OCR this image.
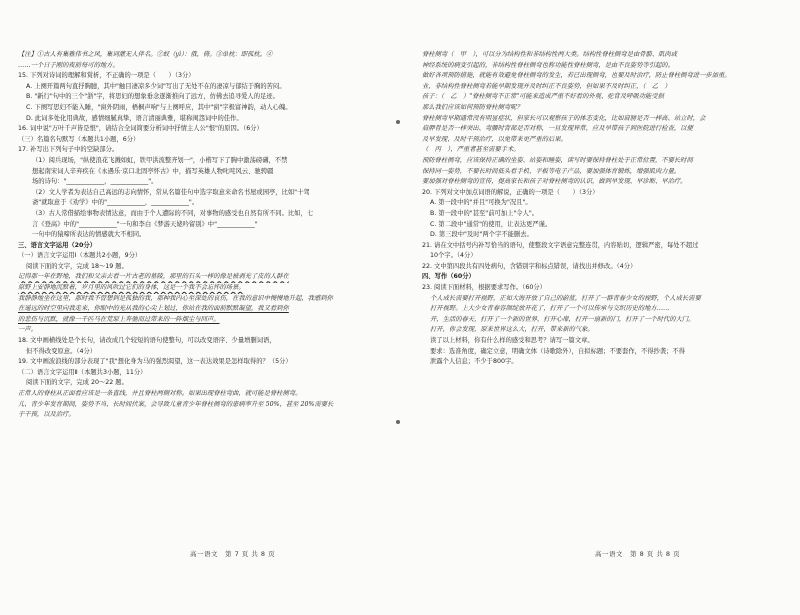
【注】①古人有集雅伟书之风，集词灌无人伴名。②蚁（yì）：俄，倚。③单枕：即孤枕。④
……一个日子刚的夜前每可的地方。
15. 下列对诗词的理解和赏析，不正确的一项是（　　）（3分）
A. 上阕开篇两句直抒胸臆，其中"触目凄凉多少词"写出了无处不在的凄凉与郁结于胸的苦闷。
B. "新行"句中的三个"浙"字，将思妇的想象垂念逐渐推向了远方，仿佛去追寻爱人的足迹。
C. 下阕写思妇不能入睡，"窗外阴雨，梧桐声响"与上阕呼应，其中"窗"字极富神韵，动人心魄。
D. 此词多处化用典故，感情细腻真挚，语言清丽典雅，堪称闺怨词中的佳作。
16. 词中说"万叶千声皆是恨"，请结合全词简要分析词中抒情主人公"恨"的原因。（6分）
（三）名篇名句默写（本题共1小题，6分）
17. 补写出下列句子中的空缺部分。
（1）阅兵现场，"纵使浪花飞溅如虹，铁甲洪流整齐划一"，小楷写下了胸中激荡磅礴，不禁
想起南宋词人辛弃疾在《永遇乐·京口北固亭怀古》中，描写英雄人物叱咤风云、驰骋疆
场的诗句："____________，____________"。
（2）文人学者为表达自己高远的志向情怀，常从名篇佳句中选字取意来命名书屋或园亭，比如"十驾
斋"就取意于《劝学》中的"____________，____________"。
（3）古人常借描绘事物表情达意，而由于个人遭际的不同，对事物的感受也自然有所不同。比如，七
言《登高》中的"____________"一句和李白《梦游天姥吟留别》中"____________"
一句中的猿啼所表达的情感就大不相同。
三、语言文字运用（20分）
（一）语言文字运用Ⅰ（本题共2小题，9分）
阅读下面的文字，完成 18～19 题。
记得那一年在野地，我们和父亲去看一片古老的墓陵，那里的石头一样的像是被剥光了皮的人群在
原野上安静地沉默着，岁月里的风吹过它们的身体，这是一个我不会忘怀的场景。
我静静地坐在这里，那时我不曾想到是孤独的我，那种我内心至深处的哀伤，在我的意识中慢慢地升起，我感到你
在遥远的时空里向我走来，你眼中的光从我的心尖上划过，你站在我的面前默默凝望，我又看到你
的悲伤与沉默，就像一千匹马在荒原上奔驰而过带来的一阵烟尘与回声。
一声。
18. 文中画横线处是个长句，请改成几个较短的语句使整句，可以改变语序、少量增删词语，
但不得改变原意。（4分）
19. 文中画波浪线的部分表现了"我"想化身为马的强烈渴望，这一表达效果是怎样取得的？（5分）
（二）语言文字运用Ⅱ（本题共3小题，11分）
阅读下面的文字，完成 20～22 题。
正常人的脊柱从正面看应该是一条直线，并且脊柱两侧对称。如果出现脊柱弯曲，就可能是脊柱侧弯。
儿、青少年发育期间，姿势不当、长时间伏案，会导致儿童青少年脊柱侧弯的患病率升至 50%，甚至 20%需要长
于干预，以及治疗。
脊柱侧弯（　甲　），可以分为结构性和非结构性两大类。结构性脊柱侧弯是由骨骼、肌肉或
神经系统的病变引起的，非结构性脊柱侧弯也称功能性脊柱侧弯，是由不良姿势等引起的。
做好各项预防措施，就能有效避免脊柱侧弯的发生，若已出现侧弯，也要及时治疗，防止脊柱侧弯进一步加重。
业，非结构性脊柱侧弯若能早期发现并及时纠正不良姿势，但如果不及时纠正，（　乙　）
孩子：（　乙　）"脊柱侧弯不正常"可能来造成严重不好看的外观、驼背及呼吸功能受损
那么我们应该如何预防脊柱侧弯呢？
脊柱侧弯早期通常没有明显症状，但家长可以观察孩子的体态变化，比如肩膀是否一样高、站立时，会
肩胛骨是否一样突出、弯腰时背部是否对称，一旦发现异常，应及早带孩子到医院进行检查，以便
及早发现、及时干预治疗，以免带来更严重的后果。
（　丙　），严重者甚至需要手术。
预防脊柱侧弯，应该保持正确的坐姿、站姿和睡姿，读写时要保持脊柱处于正常位置，不要长时间
保持同一姿势，不要长时间低头看手机、平板等电子产品，要加强体育锻炼，增强肌肉力量。
要加强对脊柱侧弯的宣传，提高家长和孩子对脊柱侧弯的认识，做到早发现、早诊断、早治疗。
20. 下列对文中加点词语的解说，正确的一项是（　　）（3分）
A. 第一段中的"并且"可换为"况且"。
B. 第一段中的"甚至"前可加上"令人"。
C. 第二段中"通常"的使用，让表达更严谨。
D. 第三段中"及时"两个字不能删去。
21. 请在文中括号内补写恰当的语句，使整段文字语意完整连贯，内容贴切，逻辑严密，每处不超过
10个字。（4分）
22. 文中第四段共有四处病句，含错别字和标点错误，请找出并修改。（4分）
四、写作（60分）
23. 阅读下面材料，根据要求写作。（60分）
个人成长需要打开视野，正如大海开放了自己的蔚蓝，打开了一群青春少女的视野，个人成长需要
打开视野。上大少女青春容颜绽放开花了，打开了一个可以传承与交织历史的地方……
开，生活的春天，打开了一个新的世界，打开心扉，打开一扇新的门，打开了一个时代的大门。
打开，你会发现，原来世界这么大，打开，带来新的气象。
读了以上材料，你有什么样的感受和思考？请写一篇文章。
要求：选准角度，确定立意，明确文体（诗歌除外），自拟标题；不要套作，不得抄袭；不得
泄露个人信息；不少于800字。
高一语文　第 7 页 共 8 页	高一语文　第 8 页 共 8 页
